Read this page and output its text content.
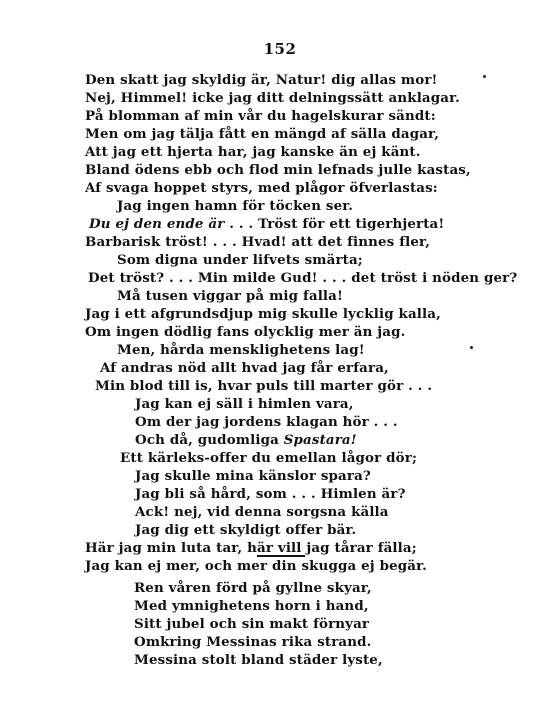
152
Den skatt jag skyldig är, Natur! dig allas mor!
Nej, Himmel! icke jag ditt delningssätt anklagar.
På blomman af min vår du hagelskurar sändt:
Men om jag tälja fått en mängd af sälla dagar,
Att jag ett hjerta har, jag kanske än ej känt.
Bland ödens ebb och flod min lefnads julle kastas,
Af svaga hoppet styrs, med plågor öfverlastas:
Jag ingen hamn för töcken ser.
Du ej den ende är . . . Tröst för ett tigerhjerta!
Barbarisk tröst! . . . Hvad! att det finnes fler,
Som digna under lifvets smärta;
Det tröst? . . . Min milde Gud! . . . det tröst i nöden ger?
Må tusen viggar på mig falla!
Jag i ett afgrundsdjup mig skulle lycklig kalla,
Om ingen dödlig fans olycklig mer än jag.
Men, hårda mensklighetens lag!
Af andras nöd allt hvad jag får erfara,
Min blod till is, hvar puls till marter gör . . .
Jag kan ej säll i himlen vara,
Om der jag jordens klagan hör . . .
Och då, gudomliga Spastara!
Ett kärleks-offer du emellan lågor dör;
Jag skulle mina känslor spara?
Jag bli så hård, som . . . Himlen är?
Ack! nej, vid denna sorgsna källa
Jag dig ett skyldigt offer bär.
Här jag min luta tar, här vill jag tårar fälla;
Jag kan ej mer, och mer din skugga ej begär.
Ren våren förd på gyllne skyar,
Med ymnighetens horn i hand,
Sitt jubel och sin makt förnyar
Omkring Messinas rika strand.
Messina stolt bland städer lyste,
